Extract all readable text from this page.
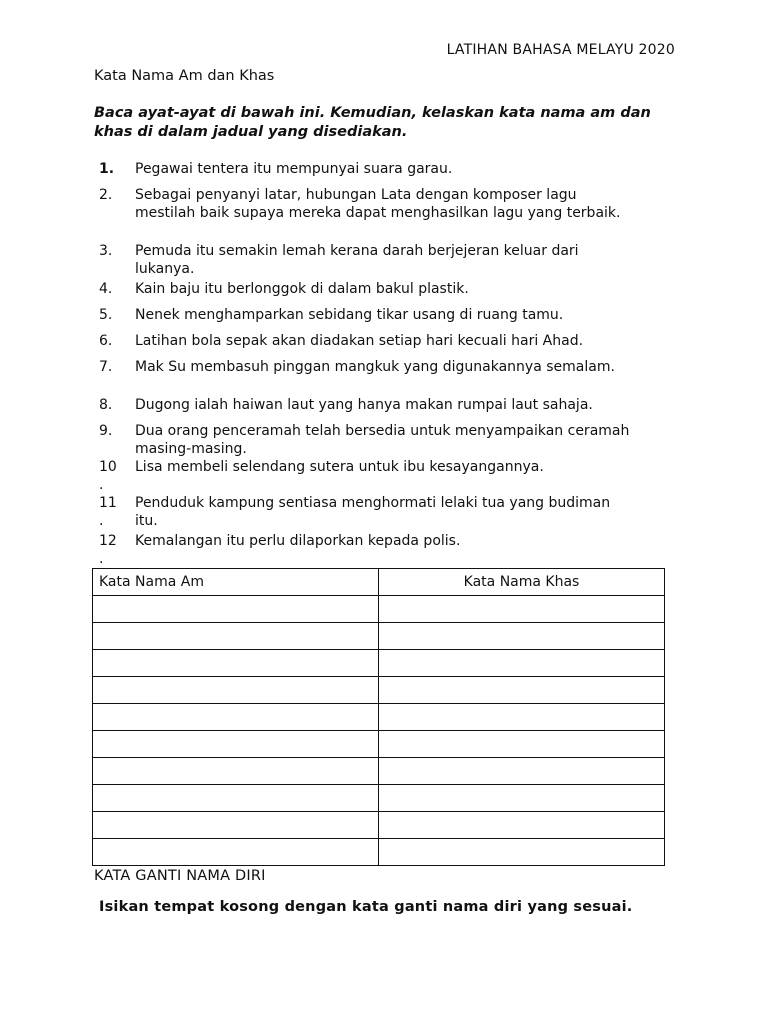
LATIHAN BAHASA MELAYU 2020
Kata Nama Am dan Khas
Baca ayat-ayat di bawah ini. Kemudian, kelaskan kata nama am dan khas di dalam jadual yang disediakan.
1.	Pegawai tentera itu mempunyai suara garau.
2.	Sebagai penyanyi latar, hubungan Lata dengan komposer lagu mestilah baik supaya mereka dapat menghasilkan lagu yang terbaik.
3.	Pemuda itu semakin lemah kerana darah berjejeran keluar dari lukanya.
4.	Kain baju itu berlonggok di dalam bakul plastik.
5.	Nenek menghamparkan sebidang tikar usang di ruang tamu.
6.	Latihan bola sepak akan diadakan setiap hari kecuali hari Ahad.
7.	Mak Su membasuh pinggan mangkuk yang digunakannya semalam.
8.	Dugong ialah haiwan laut yang hanya makan rumpai laut sahaja.
9.	Dua orang penceramah telah bersedia untuk menyampaikan ceramah masing-masing.
10
.
Lisa membeli selendang sutera untuk ibu kesayangannya.
11
.
Penduduk kampung sentiasa menghormati lelaki tua yang budiman itu.
12
.
Kemalangan itu perlu dilaporkan kepada polis.
Kata Nama Am	Kata Nama Khas

KATA GANTI NAMA DIRI
Isikan tempat kosong dengan kata ganti nama diri yang sesuai.
